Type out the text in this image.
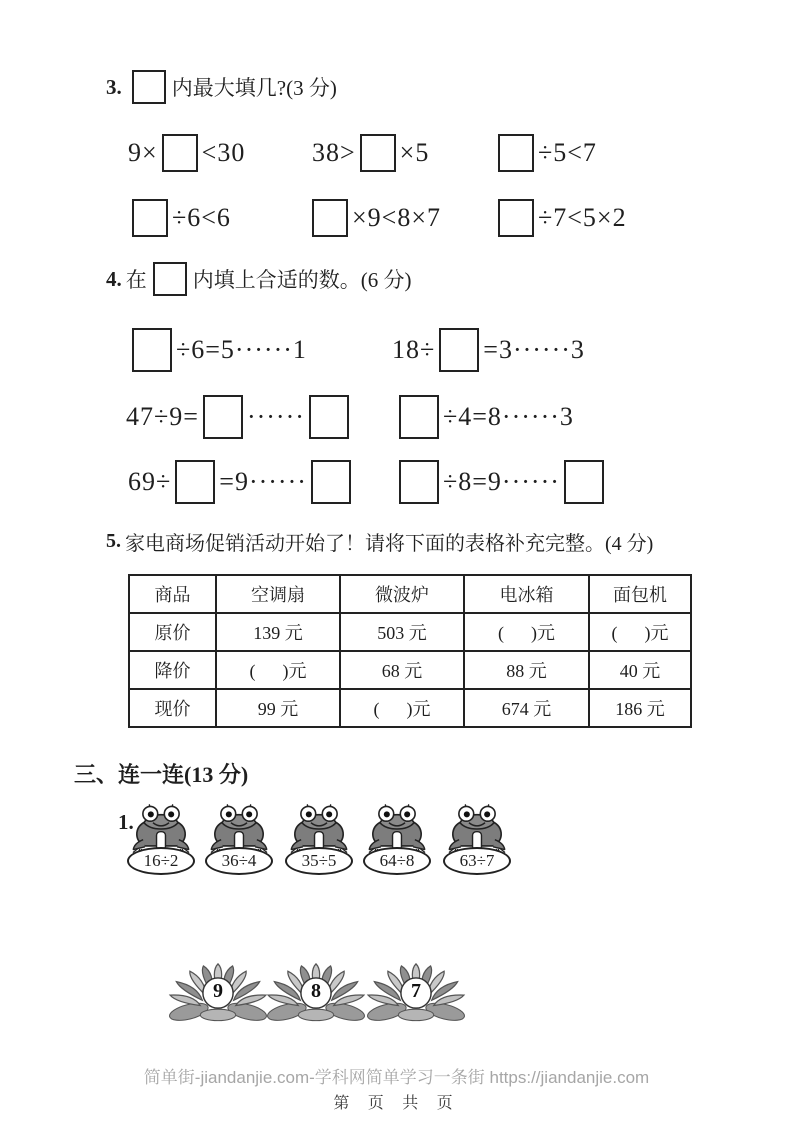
3. 内最大填几?(3 分)
9× <30	38> ×5	÷5<7
÷6<6	×9<8×7	÷7<5×2
4. 在 内填上合适的数。(6 分)
÷6=5······1	18÷ =3······3
47÷9= ······	÷4=8······3
69÷ =9······	÷8=9······
5. 家电商场促销活动开始了！请将下面的表格补充完整。(4 分)
商品	空调扇	微波炉	电冰箱	面包机
原价	139 元	503 元	(      )元	(      )元
降价	(      )元	68 元	88 元	40 元
现价	99 元	(      )元	674 元	186 元
三、连一连(13 分)
1.
16÷2	36÷4	35÷5	64÷8	63÷7
9	8	7
简单街-jiandanjie.com-学科网简单学习一条街 https://jiandanjie.com
第 页 共 页
